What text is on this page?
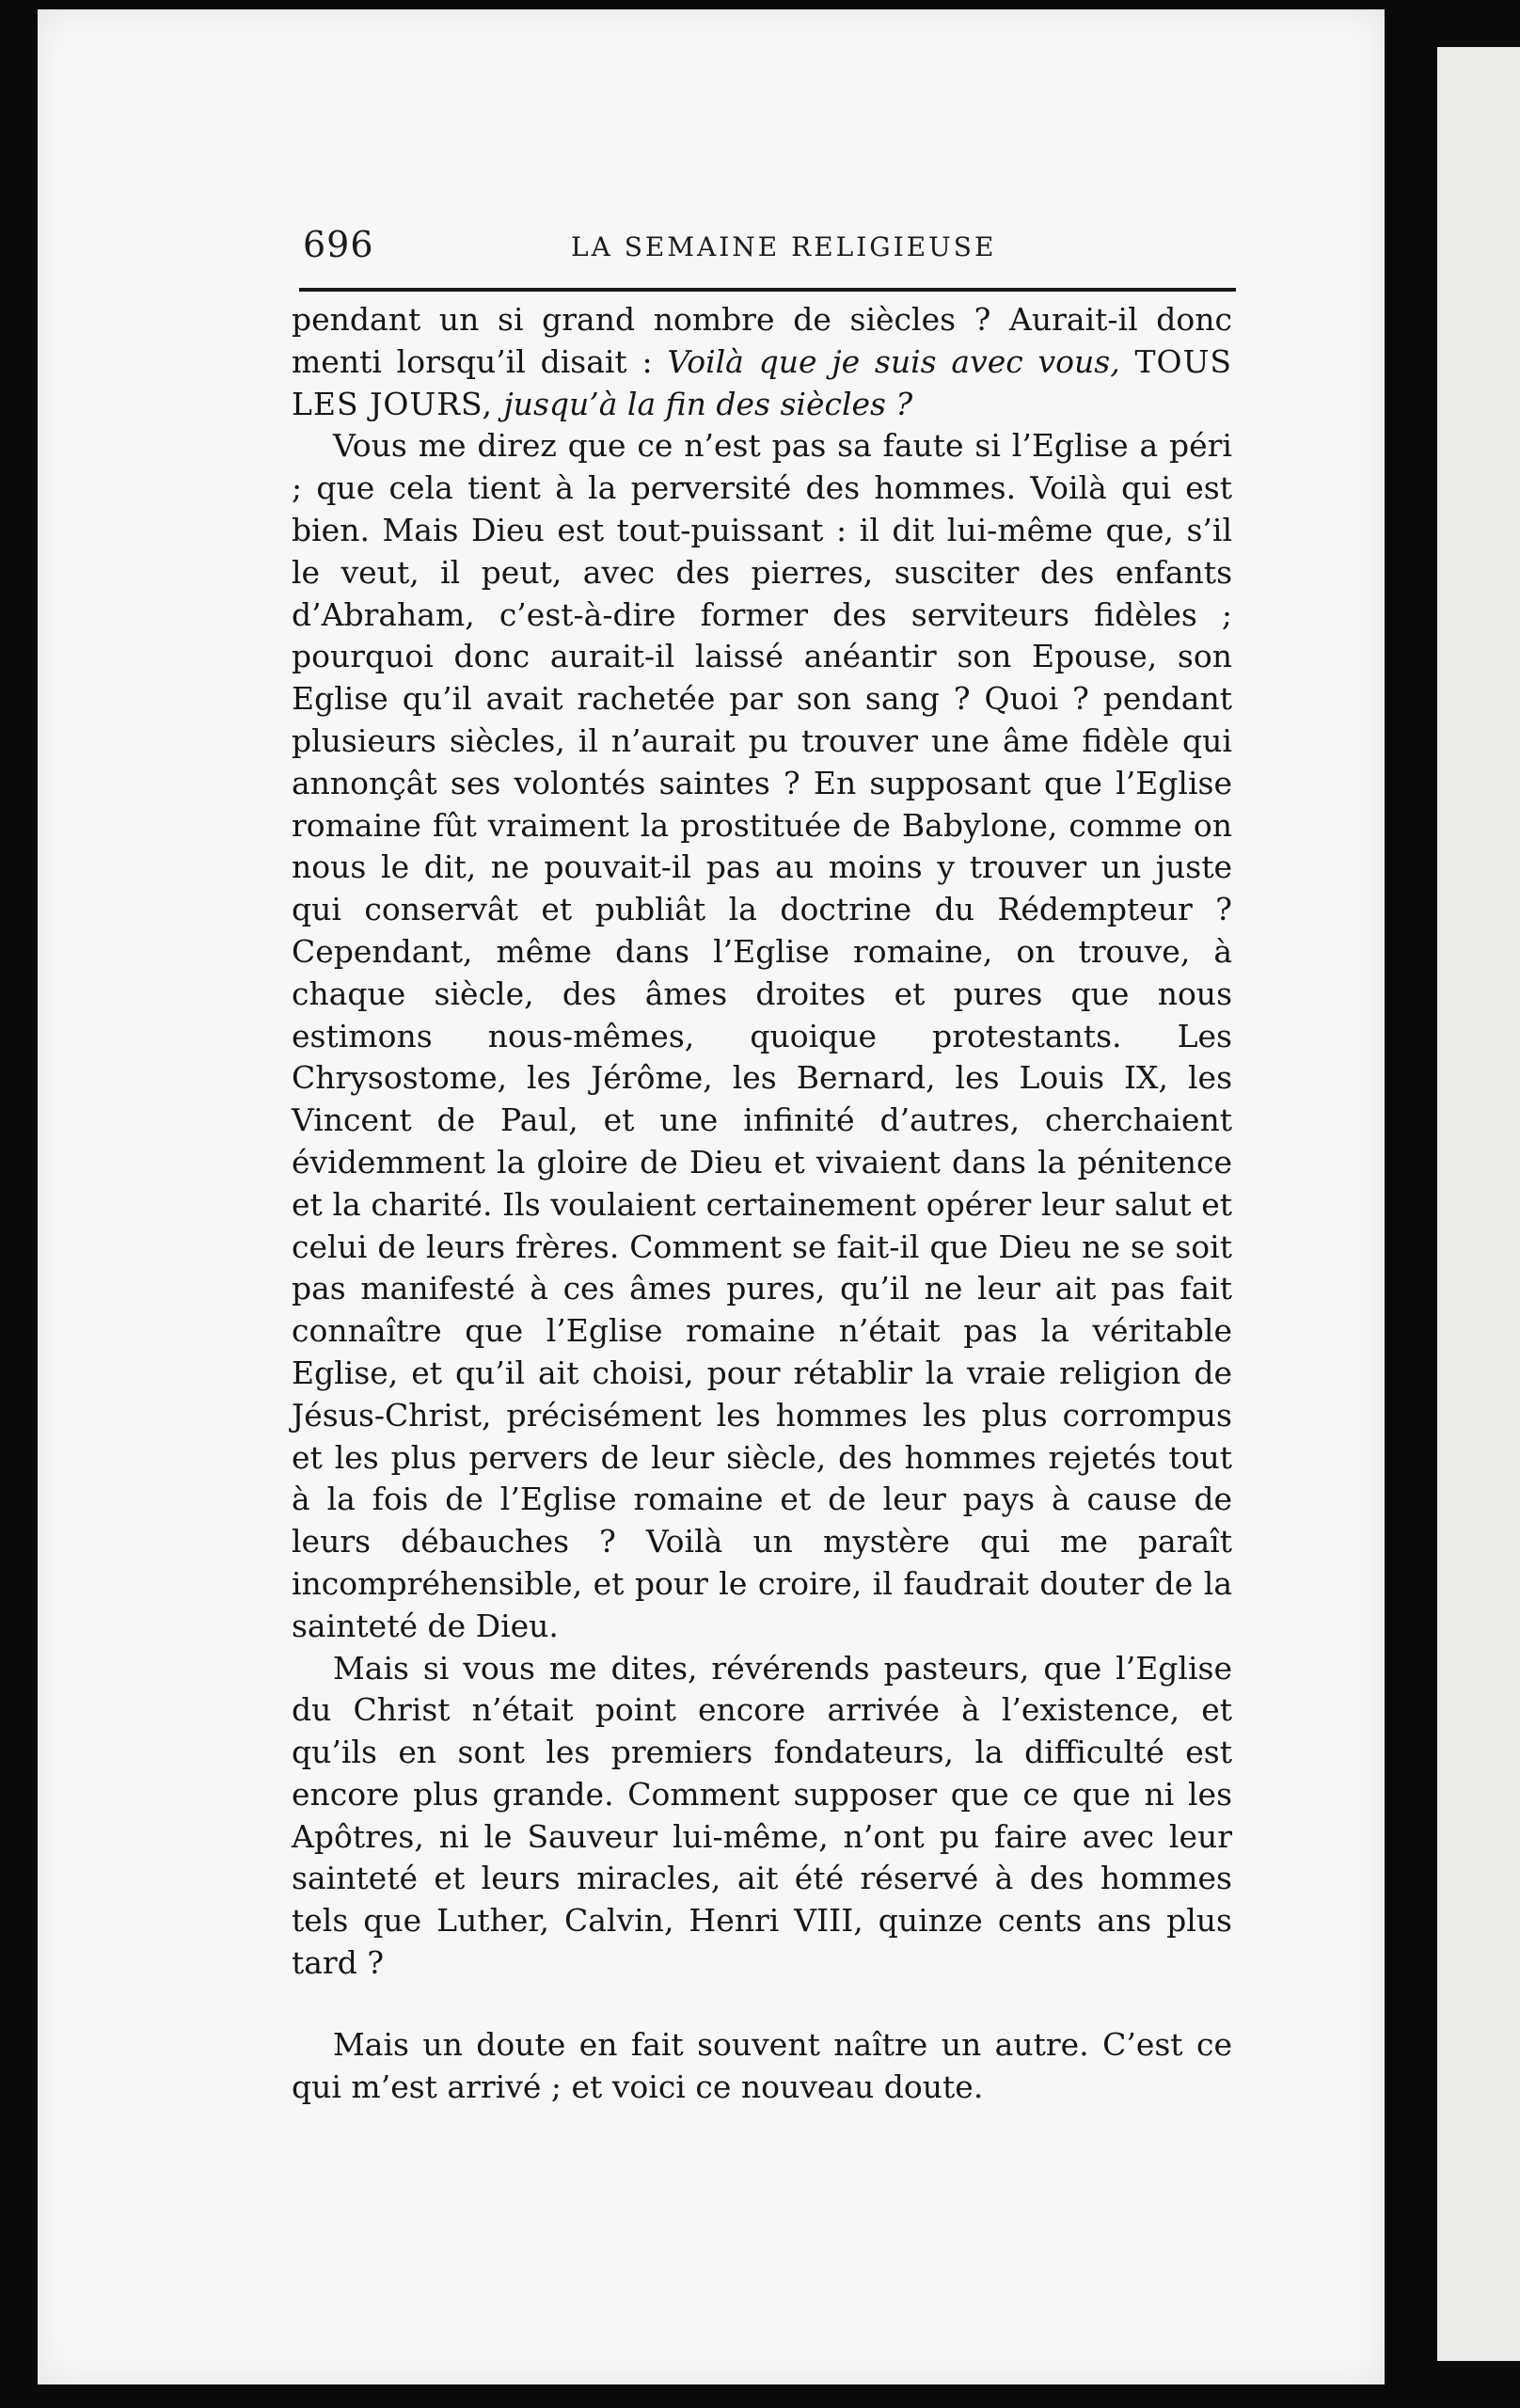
696	LA SEMAINE RELIGIEUSE

pendant un si grand nombre de siècles ? Aurait-il donc menti lorsqu’il disait : Voilà que je suis avec vous, TOUS LES JOURS, jusqu’à la fin des siècles ?

Vous me direz que ce n’est pas sa faute si l’Eglise a péri ; que cela tient à la perversité des hommes. Voilà qui est bien. Mais Dieu est tout-puissant : il dit lui-même que, s’il le veut, il peut, avec des pierres, susciter des enfants d’Abraham, c’est-à-dire former des serviteurs fidèles ; pourquoi donc aurait-il laissé anéantir son Epouse, son Eglise qu’il avait rachetée par son sang ? Quoi ? pendant plusieurs siècles, il n’aurait pu trouver une âme fidèle qui annonçât ses volontés saintes ? En supposant que l’Eglise romaine fût vraiment la prostituée de Babylone, comme on nous le dit, ne pouvait-il pas au moins y trouver un juste qui conservât et publiât la doctrine du Rédempteur ? Cependant, même dans l’Eglise romaine, on trouve, à chaque siècle, des âmes droites et pures que nous estimons nous-mêmes, quoique protestants. Les Chrysostome, les Jérôme, les Bernard, les Louis IX, les Vincent de Paul, et une infinité d’autres, cherchaient évidemment la gloire de Dieu et vivaient dans la pénitence et la charité. Ils voulaient certainement opérer leur salut et celui de leurs frères. Comment se fait-il que Dieu ne se soit pas manifesté à ces âmes pures, qu’il ne leur ait pas fait connaître que l’Eglise romaine n’était pas la véritable Eglise, et qu’il ait choisi, pour rétablir la vraie religion de Jésus-Christ, précisément les hommes les plus corrompus et les plus pervers de leur siècle, des hommes rejetés tout à la fois de l’Eglise romaine et de leur pays à cause de leurs débauches ? Voilà un mystère qui me paraît incompréhensible, et pour le croire, il faudrait douter de la sainteté de Dieu.

Mais si vous me dites, révérends pasteurs, que l’Eglise du Christ n’était point encore arrivée à l’existence, et qu’ils en sont les premiers fondateurs, la difficulté est encore plus grande. Comment supposer que ce que ni les Apôtres, ni le Sauveur lui-même, n’ont pu faire avec leur sainteté et leurs miracles, ait été réservé à des hommes tels que Luther, Calvin, Henri VIII, quinze cents ans plus tard ?

Mais un doute en fait souvent naître un autre. C’est ce qui m’est arrivé ; et voici ce nouveau doute.
